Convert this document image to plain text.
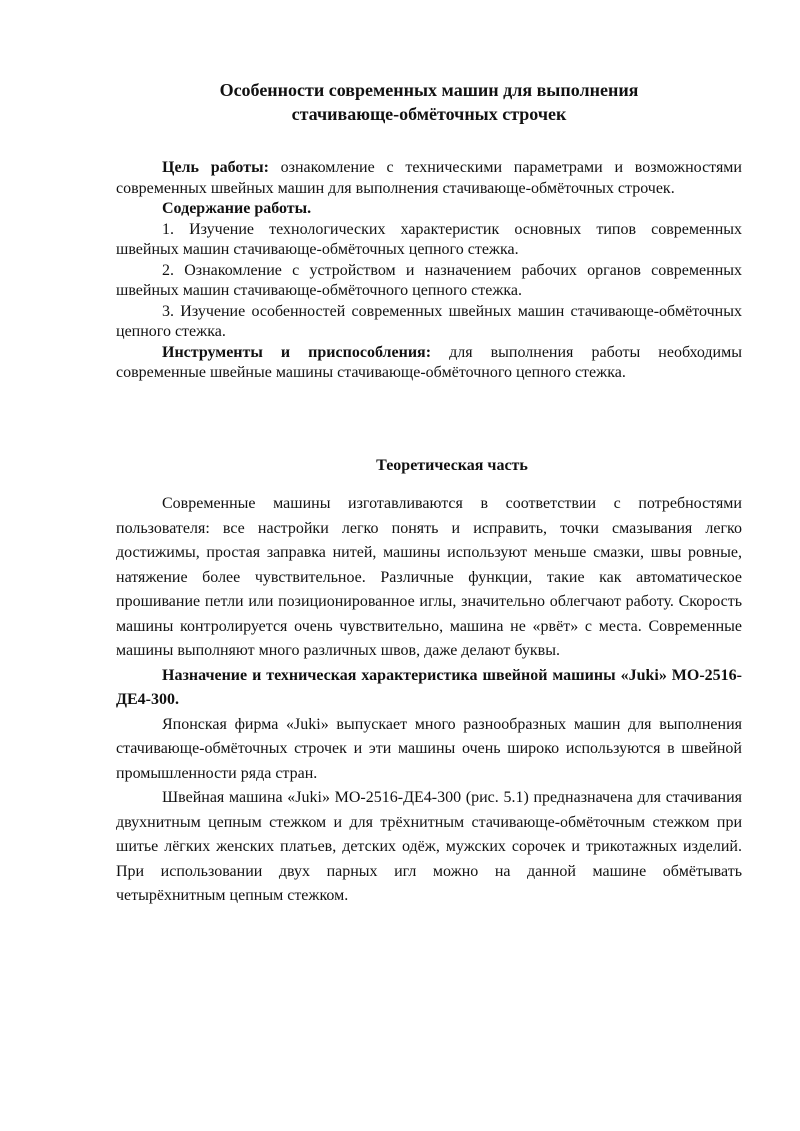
Особенности современных машин для выполнения
стачивающе-обмёточных строчек

Цель работы: ознакомление с техническими параметрами и возможностями современных швейных машин для выполнения стачивающе-обмёточных строчек.

Содержание работы.

1. Изучение технологических характеристик основных типов современных швейных машин стачивающе-обмёточных цепного стежка.

2. Ознакомление с устройством и назначением рабочих органов современных швейных машин стачивающе-обмёточного цепного стежка.

3. Изучение особенностей современных швейных машин стачивающе-обмёточных цепного стежка.

Инструменты и приспособления: для выполнения работы необходимы современные швейные машины стачивающе-обмёточного цепного стежка.

Теоретическая часть

Современные машины изготавливаются в соответствии с потребностями пользователя: все настройки легко понять и исправить, точки смазывания легко достижимы, простая заправка нитей, машины используют меньше смазки, швы ровные, натяжение более чувствительное. Различные функции, такие как автоматическое прошивание петли или позиционированное иглы, значительно облегчают работу. Скорость машины контролируется очень чувствительно, машина не «рвёт» с места. Современные машины выполняют много различных швов, даже делают буквы.

Назначение и техническая характеристика швейной машины «Juki» МО-2516-ДЕ4-300.

Японская фирма «Juki» выпускает много разнообразных машин для выполнения стачивающе-обмёточных строчек и эти машины очень широко используются в швейной промышленности ряда стран.

Швейная машина «Juki» МО-2516-ДЕ4-300 (рис. 5.1) предназначена для стачивания двухнитным цепным стежком и для трёхнитным стачивающе-обмёточным стежком при шитье лёгких женских платьев, детских одёж, мужских сорочек и трикотажных изделий. При использовании двух парных игл можно на данной машине обмётывать четырёхнитным цепным стежком.
